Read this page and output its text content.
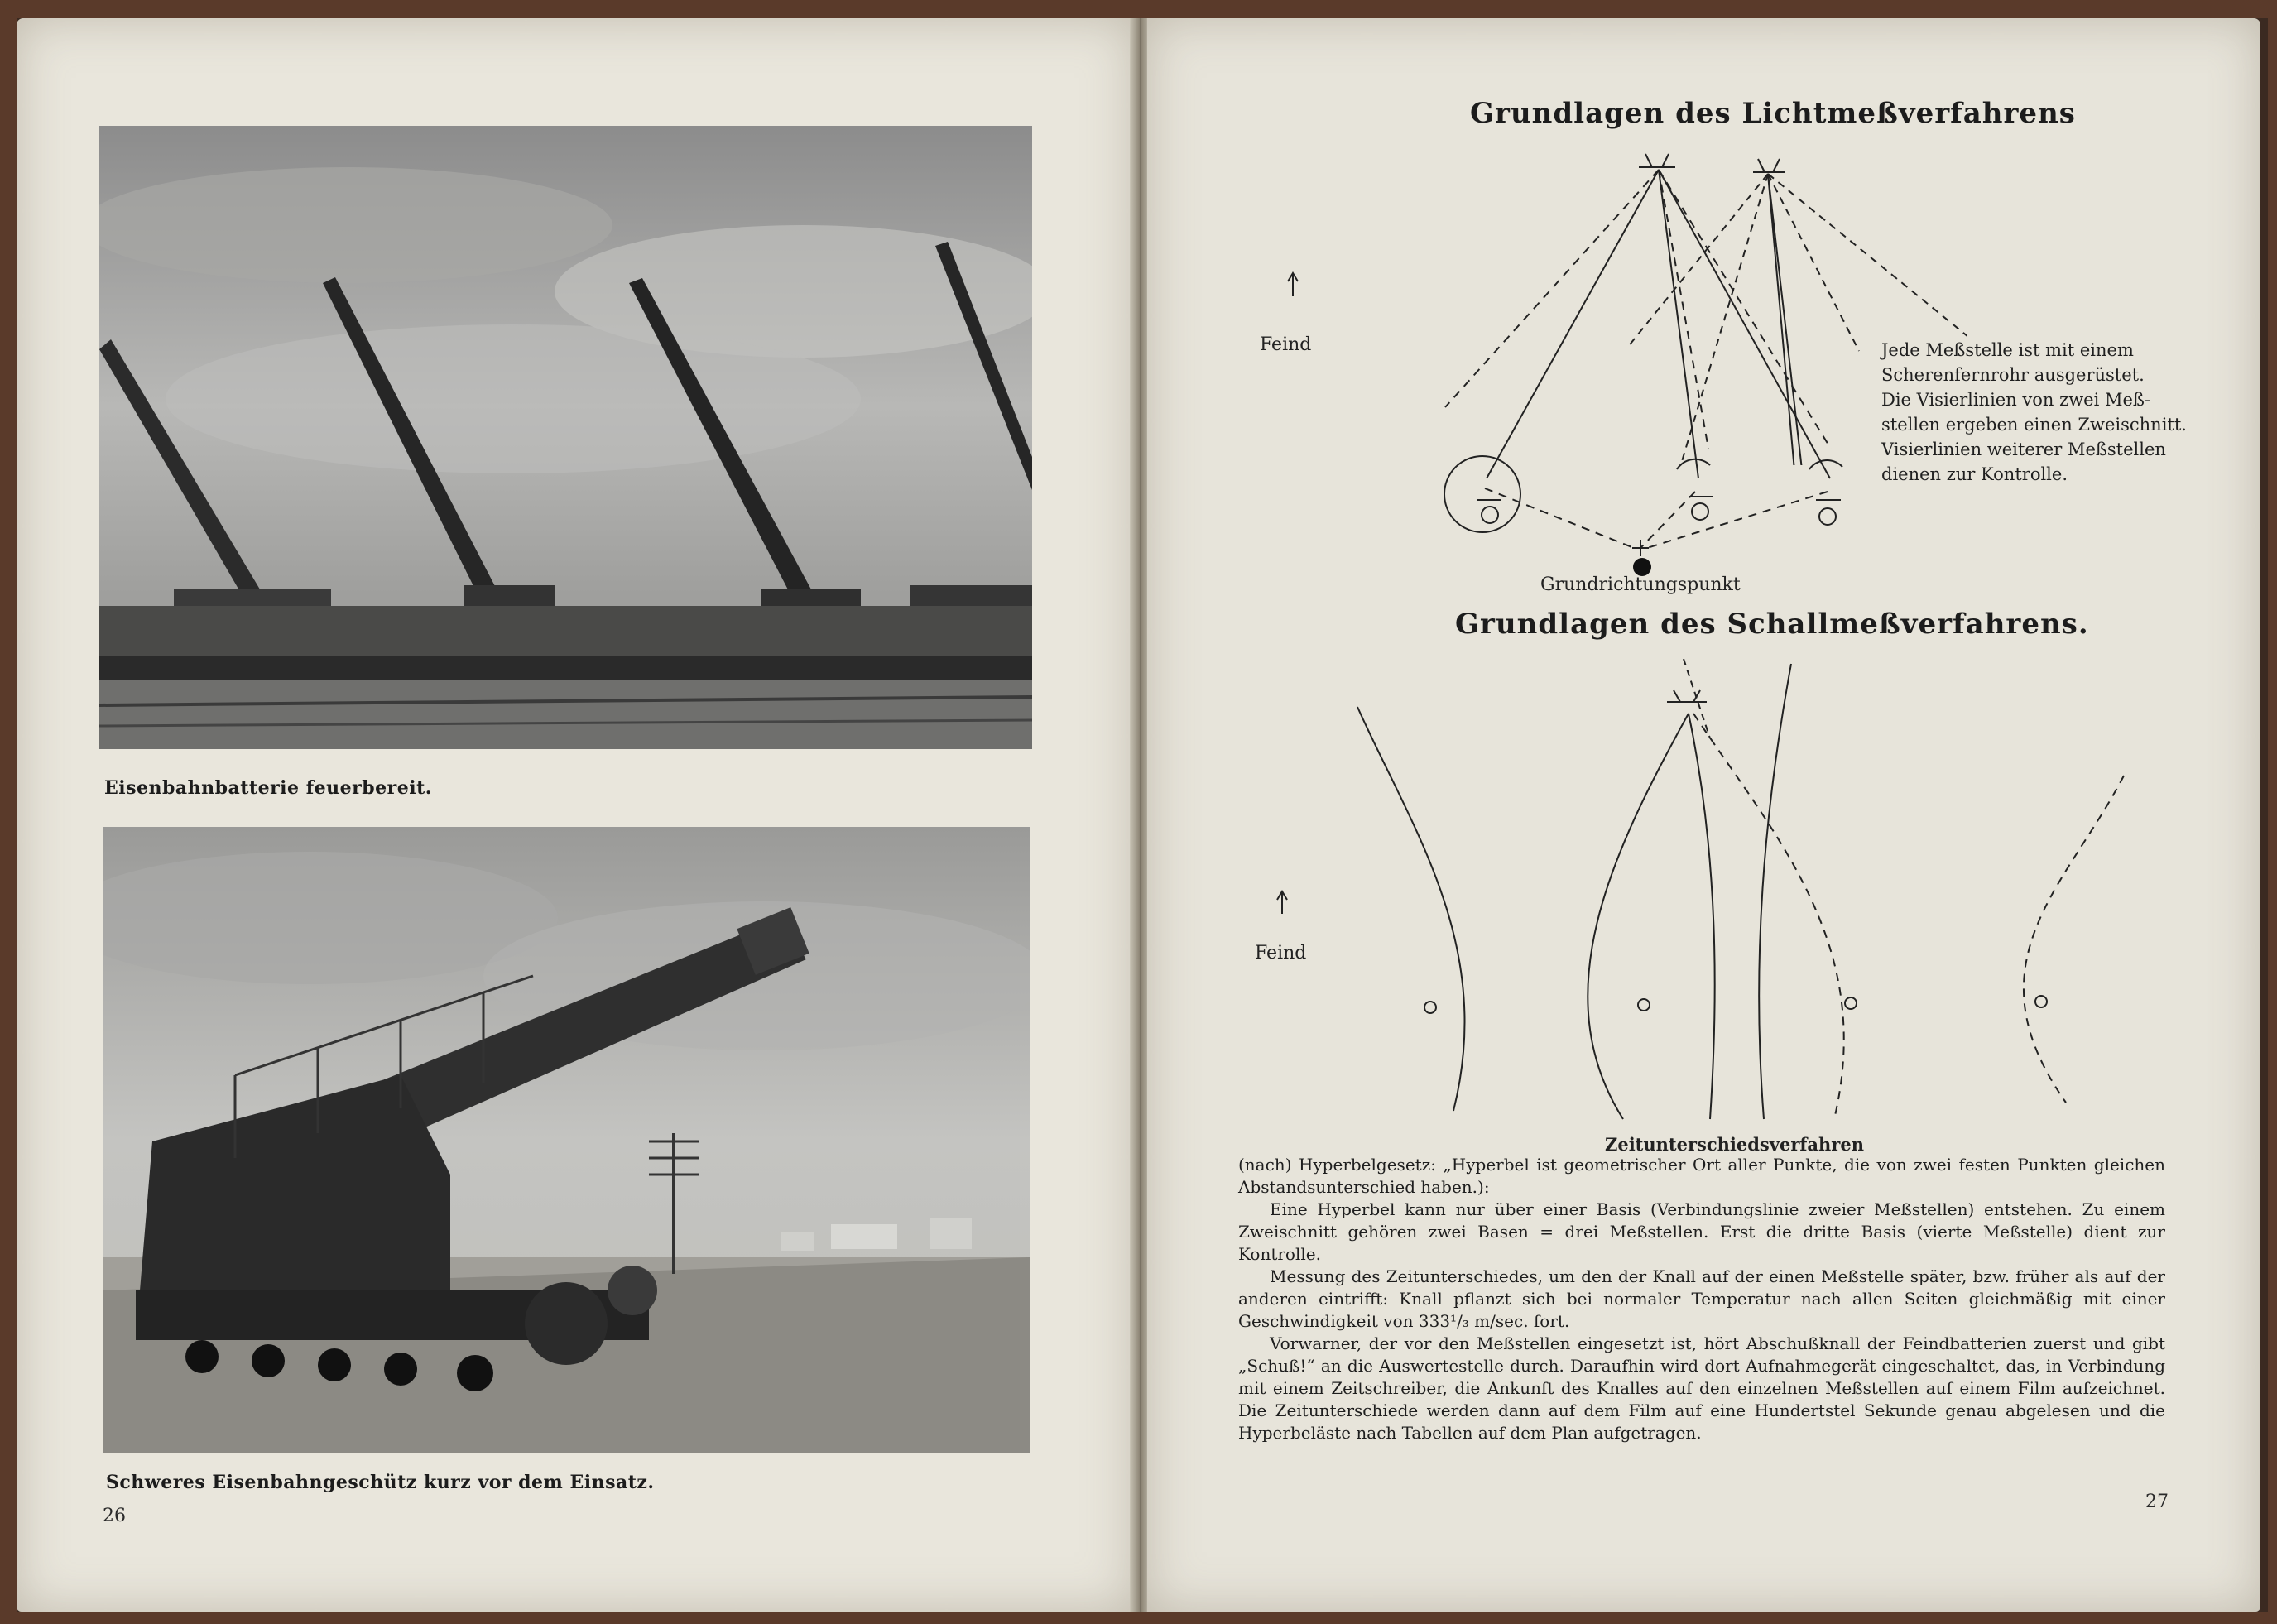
Eisenbahnbatterie feuerbereit.
Schweres Eisenbahngeschütz kurz vor dem Einsatz.
26
Grundlagen des Lichtmeßverfahrens
Feind	Jede Meßstelle ist mit einem
Scherenfernrohr ausgerüstet.
Die Visierlinien von zwei Meß-
stellen ergeben einen Zweischnitt.
Visierlinien weiterer Meßstellen
dienen zur Kontrolle.
Grundrichtungspunkt
Grundlagen des Schallmeßverfahrens.
Feind
Zeitunterschiedsverfahren

(nach) Hyperbelgesetz: „Hyperbel ist geometrischer Ort aller Punkte, die von zwei festen Punkten gleichen Abstandsunterschied haben.):

Eine Hyperbel kann nur über einer Basis (Verbindungslinie zweier Meßstellen) entstehen. Zu einem Zweischnitt gehören zwei Basen = drei Meßstellen. Erst die dritte Basis (vierte Meßstelle) dient zur Kontrolle.

Messung des Zeitunterschiedes, um den der Knall auf der einen Meßstelle später, bzw. früher als auf der anderen eintrifft: Knall pflanzt sich bei normaler Temperatur nach allen Seiten gleichmäßig mit einer Geschwindigkeit von 333¹/₃ m/sec. fort.

Vorwarner, der vor den Meßstellen eingesetzt ist, hört Abschußknall der Feindbatterien zuerst und gibt „Schuß!“ an die Auswertestelle durch. Daraufhin wird dort Aufnahmegerät eingeschaltet, das, in Verbindung mit einem Zeitschreiber, die Ankunft des Knalles auf den einzelnen Meßstellen auf einem Film aufzeichnet. Die Zeitunterschiede werden dann auf dem Film auf eine Hundertstel Sekunde genau abgelesen und die Hyperbeläste nach Tabellen auf dem Plan aufgetragen.

27
